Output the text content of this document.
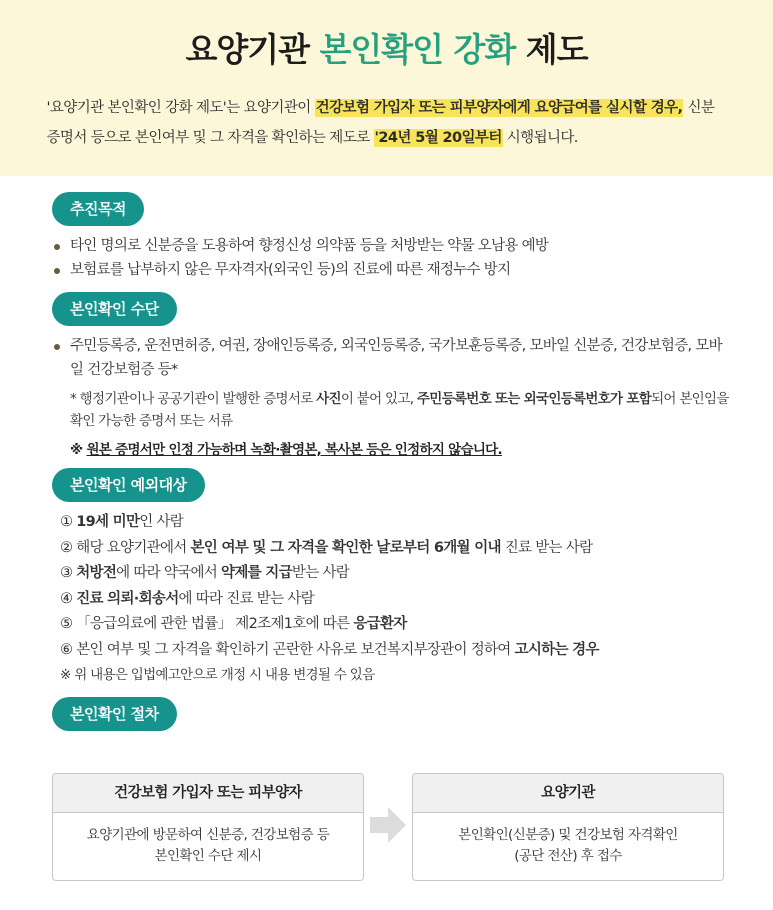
요양기관 본인확인 강화 제도
'요양기관 본인확인 강화 제도'는 요양기관이 건강보험 가입자 또는 피부양자에게 요양급여를 실시할 경우, 신분증명서 등으로 본인여부 및 그 자격을 확인하는 제도로 '24년 5월 20일부터 시행됩니다.
추진목적
타인 명의로 신분증을 도용하여 향정신성 의약품 등을 처방받는 약물 오남용 예방
보험료를 납부하지 않은 무자격자(외국인 등)의 진료에 따른 재정누수 방지
본인확인 수단
주민등록증, 운전면허증, 여권, 장애인등록증, 외국인등록증, 국가보훈등록증, 모바일 신분증, 건강보험증, 모바일 건강보험증 등*
* 행정기관이나 공공기관이 발행한 증명서로 사진이 붙어 있고, 주민등록번호 또는 외국인등록번호가 포함되어 본인임을 확인 가능한 증명서 또는 서류
※ 원본 증명서만 인정 가능하며 녹화·촬영본, 복사본 등은 인정하지 않습니다.
본인확인 예외대상
① 19세 미만인 사람
② 해당 요양기관에서 본인 여부 및 그 자격을 확인한 날로부터 6개월 이내 진료 받는 사람
③ 처방전에 따라 약국에서 약제를 지급받는 사람
④ 진료 의뢰·회송서에 따라 진료 받는 사람
⑤ 「응급의료에 관한 법률」 제2조제1호에 따른 응급환자
⑥ 본인 여부 및 그 자격을 확인하기 곤란한 사유로 보건복지부장관이 정하여 고시하는 경우
※ 위 내용은 입법예고안으로 개정 시 내용 변경될 수 있음
본인확인 절차
건강보험 가입자 또는 피부양자
요양기관에 방문하여 신분증, 건강보험증 등
본인확인 수단 제시
요양기관
본인확인(신분증) 및 건강보험 자격확인
(공단 전산) 후 접수
